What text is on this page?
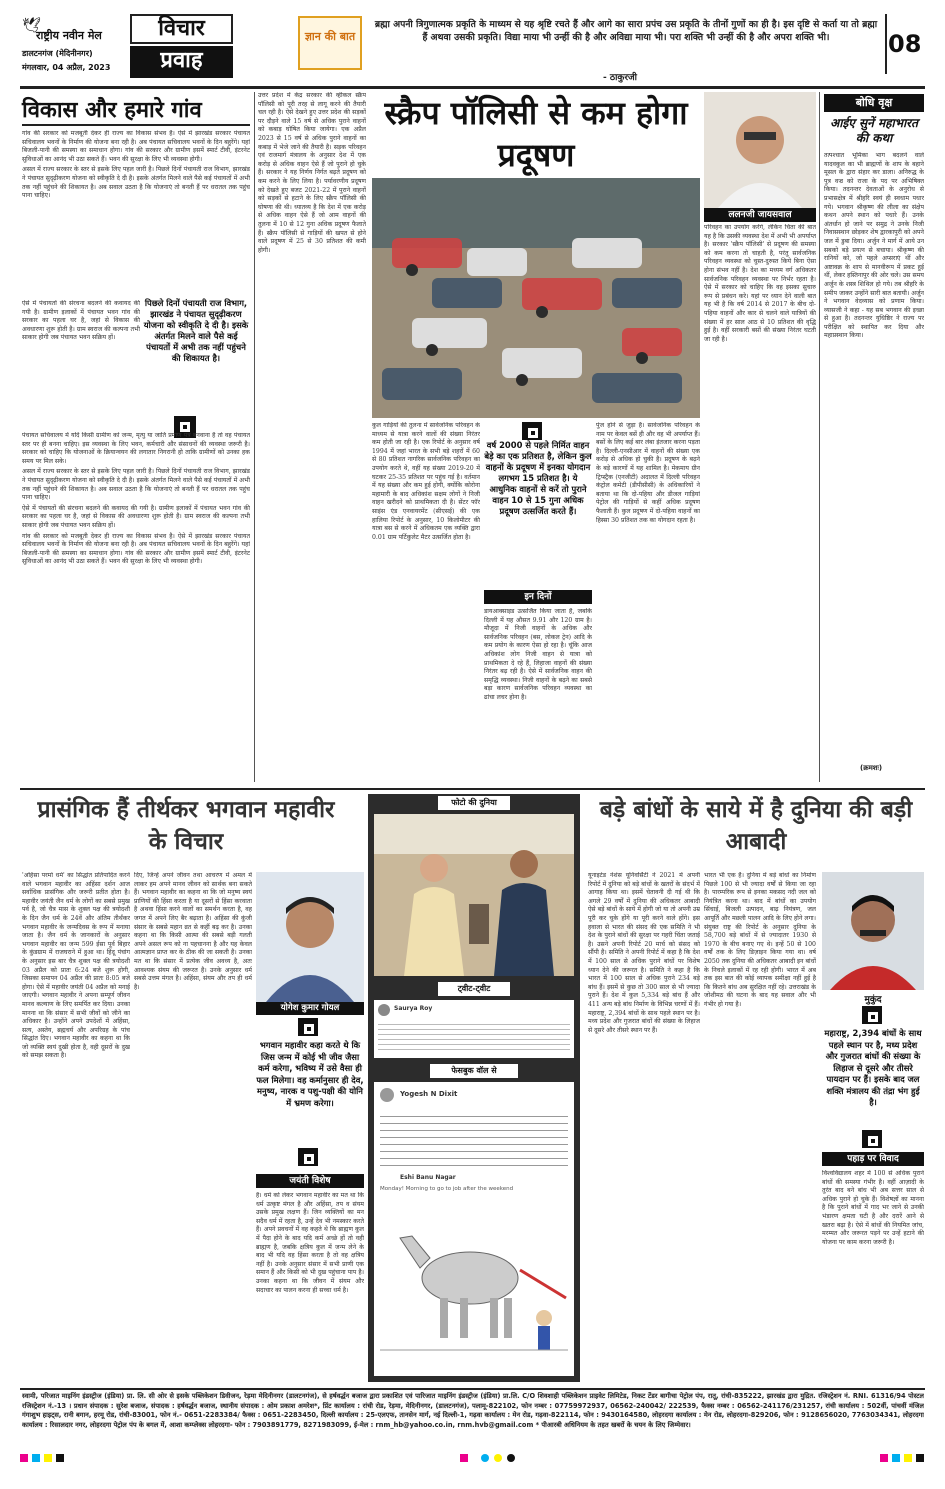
🕊
राष्ट्रीय नवीन मेल
डालटनगंज (मेदिनीनगर)
मंगलवार, 04 अप्रैल, 2023
विचार
प्रवाह
ज्ञान की बात
ब्रह्मा अपनी त्रिगुणात्मक प्रकृति के माध्यम से यह श्रृष्टि रचते हैं और आगे का सारा प्रपंच उस प्रकृति के तीनों गुणों का ही है। इस दृष्टि से कर्ता या तो ब्रह्मा हैं अथवा उसकी प्रकृति। विद्या माया भी उन्हीं की है और अविद्या माया भी। परा शक्ति भी उन्हीं की है और अपरा शक्ति भी।
- ठाकुरजी
08
विकास और हमारे गांव

गांव की सरकार को मजबूती देकर ही राज्य का विकास संभव है। ऐसे में झारखंड सरकार पंचायत सचिवालय भवनों के निर्माण की योजना बना रही है। अब पंचायत सचिवालय भवनों के दिन बहुरेंगे। यहां बिजली-पानी की समस्या का समाधान होगा। गांव की सरकार और ग्रामीण इसमें स्मार्ट टीवी, इंटरनेट सुविधाओं का आनंद भी उठा सकते हैं। भवन की सुरक्षा के लिए भी व्यवस्था होगी।

असल में राज्य सरकार के स्तर से इसके लिए पहल जारी है। पिछले दिनों पंचायती राज विभाग, झारखंड ने पंचायत सुदृढ़ीकरण योजना को स्वीकृति दे दी है। इसके अंतर्गत मिलने वाले पैसे कई पंचायतों में अभी तक नहीं पहुंचने की शिकायत है। अब सवाल उठता है कि योजनाएं तो बनती हैं पर धरातल तक पहुंच पाना चाहिए।

ऐसे में पंचायतों की संरचना बदलने की कवायद की गयी है। ग्रामीण इलाकों में पंचायत भवन गांव की सरकार का पहला घर है, जहां से विकास की अवधारणा शुरू होती है। ग्राम स्वराज की कल्पना तभी साकार होगी जब पंचायत भवन सक्रिय हों।

पिछले दिनों पंचायती राज विभाग, झारखंड ने पंचायत सुदृढ़ीकरण योजना को स्वीकृति दे दी है। इसके अंतर्गत मिलने वाले पैसे कई पंचायतों में अभी तक नहीं पहुंचने की शिकायत है।

पंचायत सचिवालय में यदि किसी ग्रामीण को जन्म, मृत्यु या जाति प्रमाण पत्र बनवाना है तो वह पंचायत स्तर पर ही बनना चाहिए। इस व्यवस्था के लिए भवन, कर्मचारी और संसाधनों की व्यवस्था जरूरी है। सरकार को चाहिए कि योजनाओं के क्रियान्वयन की लगातार निगरानी हो ताकि ग्रामीणों को उनका हक समय पर मिल सके।

असल में राज्य सरकार के स्तर से इसके लिए पहल जारी है। पिछले दिनों पंचायती राज विभाग, झारखंड ने पंचायत सुदृढ़ीकरण योजना को स्वीकृति दे दी है। इसके अंतर्गत मिलने वाले पैसे कई पंचायतों में अभी तक नहीं पहुंचने की शिकायत है। अब सवाल उठता है कि योजनाएं तो बनती हैं पर धरातल तक पहुंच पाना चाहिए।

ऐसे में पंचायतों की संरचना बदलने की कवायद की गयी है। ग्रामीण इलाकों में पंचायत भवन गांव की सरकार का पहला घर है, जहां से विकास की अवधारणा शुरू होती है। ग्राम स्वराज की कल्पना तभी साकार होगी जब पंचायत भवन सक्रिय हों।

गांव की सरकार को मजबूती देकर ही राज्य का विकास संभव है। ऐसे में झारखंड सरकार पंचायत सचिवालय भवनों के निर्माण की योजना बना रही है। अब पंचायत सचिवालय भवनों के दिन बहुरेंगे। यहां बिजली-पानी की समस्या का समाधान होगा। गांव की सरकार और ग्रामीण इसमें स्मार्ट टीवी, इंटरनेट सुविधाओं का आनंद भी उठा सकते हैं। भवन की सुरक्षा के लिए भी व्यवस्था होगी।

उत्तर प्रदेश में केंद्र सरकार की व्हीकल स्क्रैप पॉलिसी को पूरी तरह से लागू करने की तैयारी चल रही है। ऐसे देखने हुए उत्तर प्रदेश की सड़कों पर दौड़ने वाले 15 वर्ष से अधिक पुराने वाहनों को कबाड़ घोषित किया जायेगा। एक अप्रैल 2023 से 15 वर्ष से अधिक पुराने वाहनों का कबाड़ में भेजे जाने की तैयारी है। सड़क परिवहन एवं राजमार्ग मंत्रालय के अनुसार देश में एक करोड़ से अधिक वाहन ऐसे हैं जो पुराने हो चुके हैं। सरकार ने यह निर्णय निर्गत बढ़ते प्रदूषण को कम करने के लिए लिया है। पर्यावरणीय प्रदूषण को देखते हुए बजट 2021-22 में पुराने वाहनों को सड़कों से हटाने के लिए स्क्रैप पॉलिसी की घोषणा की थी। ध्यातव्य है कि देश में एक करोड़ से अधिक वाहन ऐसे हैं जो आम वाहनों की तुलना में 10 से 12 गुना अधिक प्रदूषण फैलाते हैं। स्क्रैप पॉलिसी से गाड़ियों की खपत से होने वाले प्रदूषण में 25 से 30 प्रतिशत की कमी होगी।
स्क्रैप पॉलिसी से कम होगा प्रदूषण
कुल गाड़ियों की तुलना में सार्वजनिक परिवहन के माध्यम से यात्रा करने वालों की संख्या निरंतर कम होती जा रही है। एक रिपोर्ट के अनुसार वर्ष 1994 में जहां भारत के सभी बड़े शहरों में 60 से 80 प्रतिशत नागरिक सार्वजनिक परिवहन का उपयोग करते थे, वहीं यह संख्या 2019-20 में घटकर 25-35 प्रतिशत पर पहुंच गई है। वर्तमान में यह संख्या और कम हुई होगी, क्योंकि कोरोना महामारी के बाद अधिकांश सक्षम लोगों ने निजी वाहन खरीदने को प्राथमिकता दी है। सेंटर फॉर साइंस एंड एनवायरमेंट (सीएसई) की एक हालिया रिपोर्ट के अनुसार, 10 किलोमीटर की यात्रा बस से करने में अधिकतम एक व्यक्ति द्वारा 0.01 ग्राम पर्टिकुलेट मैटर उत्सर्जित होता है।
वर्ष 2000 से पहले निर्मित वाहन बेड़े का एक प्रतिशत है, लेकिन कुल वाहनों के प्रदूषण में इनका योगदान लगभग 15 प्रतिशत है। ये आधुनिक वाहनों से करें तो पुराने वाहन 10 से 15 गुना अधिक प्रदूषण उत्सर्जित करते हैं।
इन दिनों
डायआक्साइड उत्सर्जित किया जाता है, जबकि दिल्ली में यह औसत 9.91 और 120 ग्राम है। मौजूदा में निजी वाहनों के अधिक और सार्वजनिक परिवहन (बस, लोकल ट्रेन) आदि के कम प्रयोग के कारण ऐसा हो रहा है। चूंकि आज अधिकांश लोग निजी वाहन से यात्रा को प्राथमिकता दे रहे हैं, लिहाजा वाहनों की संख्या निरंतर बढ़ रही है। ऐसे में सार्वजनिक वाहन की समृद्धि व्यवस्था। निजी वाहनों के बढ़ने का सबसे बड़ा कारण सार्वजनिक परिवहन व्यवस्था का ढांचा लचर होना है।
पुंज होने से जुड़ा है। सार्वजनिक परिवहन के नाम पर केवल बसें ही और वह भी अपर्याप्त हैं। बसों के लिए कई बार लंबा इंतजार करना पड़ता है। दिल्ली-एनसीआर में वाहनों की संख्या एक करोड़ से अधिक हो चुकी है। प्रदूषण के बढ़ने के बड़े कारणों में यह शामिल है। मेकमाय ग्रीन ट्रिप्स्ट्रैक (एनजीटी) अदालत में दिल्ली परिवहन कंट्रोल कमेटी (डीपीसीसी) के अधिकारियों ने बताया था कि दो-पहिया और डीजल गाड़ियां पेट्रोल की गाड़ियों से कहीं अधिक प्रदूषण फैलाती हैं। कुल प्रदूषण में दो-पहिया वाहनों का हिस्सा 30 प्रतिशत तक का योगदान रहता है।
ललनजी जायसवाल
परिवहन का उपयोग करेंगे, लेकिन चिंता की बात यह है कि उसकी व्यवस्था देश में अभी भी अपर्याप्त है। सरकार 'स्क्रैप पॉलिसी' से प्रदूषण की समस्या को कम करना तो चाहती है, परंतु सार्वजनिक परिवहन व्यवस्था को चुस्त-दुरुस्त किये बिना ऐसा होना संभव नहीं है। देश का मध्यम वर्ग अधिकतर सार्वजनिक परिवहन व्यवस्था पर निर्भर रहता है। ऐसे में सरकार को चाहिए कि वह इसका सुचारु रूप से प्रबंधन करे। यहां पर ध्यान देने वाली बात यह भी है कि वर्ष 2014 से 2017 के बीच दो-पहिया वाहनों और कार से चलने वाले यात्रियों की संख्या में हर साल आठ से 10 प्रतिशत की वृद्धि हुई है। वहीं सरकारी बसों की संख्या निरंतर घटती जा रही है।
बोधि वृक्ष
आईए सुनें महाभारत की कथा
तत्पश्चात भूमिका भाग बदलने वाले यादवकुल का भी ब्राह्मणों के शाप के बहाने मूसल के द्वारा संहार कर डाला। अनिरुद्ध के पुत्र वज्र को राजा के पद पर अभिषिक्त किया। तदनन्तर देवताओं के अनुरोध से प्रभासक्षेत्र में श्रीहरि स्वयं ही स्वधाम पधार गये। भगवान श्रीकृष्ण की लीला का संक्षेप कथन अपने स्थान को पधारे हैं। उनके अंतर्धान हो जाने पर समुद्र ने उनके निजी निवासस्थान छोड़कर शेष द्वारकापुरी को अपने जल में डुबा दिया। अर्जुन ने मार्ग में आये उन सबको बड़े प्रयत्न से बचाया। श्रीकृष्ण की रानियों को, जो पहले अप्सराएं थीं और अष्टावक्र के शाप से मानवीरूप में प्रकट हुई थीं, लेकर हस्तिनापुर की ओर चले। उस समय अर्जुन के शस्त्र शिथिल हो गये। तब श्रीहरि के समीप जाकर उन्होंने सारी बात बतायी। अर्जुन ने भगवान वेदव्यास को प्रणाम किया। व्यासजी ने कहा - यह सब भगवान की इच्छा से हुआ है। तदनन्तर युधिष्ठिर ने राज्य पर परीक्षित को स्थापित कर दिया और महाप्रस्थान किया।
(क्रमशः)
प्रासंगिक हैं तीर्थकर भगवान महावीर के विचार
'अहिंसा परमो धर्म' का सिद्धांत प्रतिपादित करने वाले भगवान महावीर का अहिंसा दर्शन आज सर्वाधिक प्रासंगिक और जरूरी प्रतीत होता है। महावीर जयंती जैन धर्म के लोगों का सबसे प्रमुख पर्व है, जो चैत्र मास के शुक्ल पक्ष की त्रयोदशी के दिन जैन धर्म के 24वें और अंतिम तीर्थंकर भगवान महावीर के जन्मदिवस के रूप में मनाया जाता है। जैन धर्म के जानकारों के अनुसार भगवान महावीर का जन्म 599 ईसा पूर्व बिहार के कुंडग्राम में राजघराने में हुआ था। हिंदू पंचांग के अनुसार इस बार चैत्र शुक्ल पक्ष की त्रयोदशी 03 अप्रैल को प्रातः 6:24 बजे शुरू होगी, जिसका समापन 04 अप्रैल की प्रातः 8:05 बजे होगा। ऐसे में महावीर जयंती 04 अप्रैल को मनाई जाएगी। भगवान महावीर ने अपना सम्पूर्ण जीवन मानव कल्याण के लिए समर्पित कर दिया। उनका मानना था कि संसार में सभी जीवों को जीने का अधिकार है। उन्होंने अपने उपदेशों में अहिंसा, सत्य, अस्तेय, ब्रह्मचर्य और अपरिग्रह के पांच सिद्धांत दिए। भगवान महावीर का कहना था कि जो व्यक्ति स्वयं दुखी होता है, वही दूसरों के दुख को समझ सकता है।
दिए, जिन्हें अपने जीवन तथा आचरण में अमल में लाकर हम अपने मानव जीवन को सार्थक बना सकते हैं। भगवान महावीर का कहना था कि जो मनुष्य स्वयं प्राणियों की हिंसा करता है या दूसरों से हिंसा करवाता है अथवा हिंसा करने वालों का समर्थन करता है, वह जगत में अपने लिए बैर बढ़ाता है। अहिंसा की कुंजी संसार के सबसे महान व्रत से कहीं बढ़ कर है। उनका कहना था कि किसी आत्मा की सबसे बड़ी गलती अपने असल रूप को ना पहचानना है और यह केवल आत्मज्ञान प्राप्त कर के ठीक की जा सकती है। उनका मत था कि संसार में प्रत्येक जीव अवध्य है, अतः आवश्यक संयम की जरूरत है। उनके अनुसार धर्म सबसे उत्तम मंगल है। अहिंसा, संयम और तप ही धर्म है।
योगेश कुमार गोयल
भगवान महावीर कहा करते थे कि जिस जन्म में कोई भी जीव जैसा कर्म करेगा, भविष्य में उसे वैसा ही फल मिलेगा। वह कर्मानुसार ही देव, मनुष्य, नारक व पशु-पक्षी की योनि में भ्रमण करेगा।
जयंती विशेष
है। धर्म को लेकर भगवान महावीर का मत था कि धर्म उत्कृष्ट मंगल है और अहिंसा, तप व संयम उसके प्रमुख लक्षण हैं। जिन व्यक्तियों का मन सदैव धर्म में रहता है, उन्हें देव भी नमस्कार करते हैं। अपने प्रवचनों में वह कहते थे कि ब्राह्मण कुल में पैदा होने के बाद यदि कर्म अच्छे हों तो वही ब्राह्मण है, जबकि क्षत्रिय कुल में जन्म लेने के बाद भी यदि वह हिंसा करता है तो वह क्षत्रिय नहीं है। उनके अनुसार संसार में सभी प्राणी एक समान हैं और किसी को भी दुख पहुंचाना पाप है। उनका कहना था कि जीवन में संयम और सदाचार का पालन करना ही सच्चा धर्म है।
फोटो की दुनिया
ट्वीट-ट्वीट
Saurya Roy
फेसबुक वॉल से
Yogesh N Dixit
Eshi Banu Nagar
Monday! Morning to go to job after the weekend
बड़े बांधों के साये में है दुनिया की बड़ी आबादी
यूनाइटेड नेशंस यूनिवर्सिटी ने 2021 में अपनी रिपोर्ट में दुनिया को बड़े बांधों के खतरों के संदर्भ में आगाह किया था। इसमें चेतावनी दी गई थी कि अगले 29 वर्षों में दुनिया की अधिकतर आबादी ऐसे बड़े बांधों के साये में होगी जो या तो अपनी उम्र पूरी कर चुके होंगे या पूरी करने वाले होंगे। इस हवाला से भारत की संसद की एक समिति ने भी देश के पुराने बांधों की सुरक्षा पर गहरी चिंता जताई है। उसने अपनी रिपोर्ट 20 मार्च को संसद को सौंपी है। समिति ने अपनी रिपोर्ट में कहा है कि देश में 100 साल से अधिक पुराने बांधों पर विशेष ध्यान देने की जरूरत है। समिति ने कहा है कि भारत में 100 साल से अधिक पुराने 234 बड़े बांध हैं। इसमें से कुछ तो 300 साल से भी ज्यादा पुराने हैं। देश में कुल 5,334 बड़े बांध हैं और 411 अन्य बड़े बांध निर्माण के विभिन्न चरणों में हैं। महाराष्ट्र, 2,394 बांधों के साथ पहले स्थान पर है। मध्य प्रदेश और गुजरात बांधों की संख्या के लिहाज से दूसरे और तीसरे स्थान पर हैं।
भारत भी एक है। दुनिया में बड़े बांधों का निर्माण पिछले 100 से भी ज्यादा वर्षों से किया जा रहा है। पारम्परिक रूप से इनका मकसद नदी जल को नियंत्रित करना था। बाद में बांधों का उपयोग सिंचाई, बिजली उत्पादन, बाढ़ नियंत्रण, जल आपूर्ति और मछली पालन आदि के लिए होने लगा। संयुक्त राष्ट्र की रिपोर्ट के अनुसार दुनिया के 58,700 बड़े बांधों में से ज्यादातर 1930 से 1970 के बीच बनाए गए थे। इन्हें 50 से 100 वर्षों तक के लिए डिज़ाइन किया गया था। वर्ष 2050 तक दुनिया की अधिकतर आबादी इन बांधों के निचले इलाकों में रह रही होगी। भारत में अब तक इस बात की कोई व्यापक समीक्षा नहीं हुई है कि कितने बांध अब सुरक्षित नहीं रहे। उत्तराखंड के जोशीमठ की घटना के बाद यह सवाल और भी गंभीर हो गया है।	मुकुंद
महाराष्ट्र, 2,394 बांधों के साथ पहले स्थान पर है, मध्य प्रदेश और गुजरात बांधों की संख्या के लिहाज से दूसरे और तीसरे पायदान पर हैं। इसके बाद जल शक्ति मंत्रालय की तंद्रा भंग हुई है।
पहाड़ पर विवाद
विश्वविद्यालय शहर में 100 से अधिक पुराने बांधों की समस्या गंभीर है। वहीं आज़ादी के तुरंत बाद बने बांध भी अब सत्तर साल से अधिक पुराने हो चुके हैं। विशेषज्ञों का मानना है कि पुराने बांधों में गाद भर जाने से उनकी भंडारण क्षमता घटी है और दरारें आने से खतरा बढ़ा है। ऐसे में बांधों की नियमित जांच, मरम्मत और जरूरत पड़ने पर उन्हें हटाने की योजना पर काम करना जरूरी है।
स्वामी, परिजात माइनिंग इंडस्ट्रीज (इंडिया) प्रा. लि. सी ओर से इसके पब्लिकेशन डिवीजन, रेड़मा मेदिनीनगर (डालटनगंज), से हर्षवर्द्धन बजाज द्वारा प्रकाशित एवं पारिजात माइनिंग इंडस्ट्रीज (इंडिया) प्रा.लि. C/O शिवशाही पब्लिकेशन प्राइवेट लिमिटेड, निकट टेंडर बागीचा पेट्रोल पंप, रातू, रांची-835222, झारखंड द्वारा मुद्रित. रजिस्ट्रेशन नं. RNI. 61316/94 पोस्टल रजिस्ट्रेशन नं.-13 । प्रधान संपादक : सुरेश बजाज, संपादक : हर्षवर्द्धन बजाज, स्थानीय संपादक : ओम प्रकाश अमरेश*, प्रिंट कार्यालय : रांची रोड, रेड़मा, मेदिनीनगर, (डालटनगंज), पलामू-822102, फोन नम्बर : 07759972937, 06562-240042/ 222539, फैक्स नम्बर : 06562-241176/231257, रांची कार्यालय : 502वीं, पांचवीं मंजिल गंगाशुभ हाइट्स, रानी बगान, हरमू रोड, रांची-83001, फोन नं.- 0651-2283384/ फैक्स : 0651-2283450, दिल्ली कार्यालय : 25-एलएफ, तानसेन मार्ग, नई दिल्ली-1, गढ़वा कार्यालय : मेन रोड, गढ़वा-822114, फोन : 9430164580, लोहरदगा कार्यालय : मेन रोड, लोहरदगा-829206, फोन : 9128656020, 7763034341, लोहरदगा कार्यालय : रिसालदार नगर, लोहरदगा पेट्रोल पंप के बगल में, आशा कम्प्लेक्स लोहरदगा- फोन : 7903891779, 8271983099, ई-मेल : rnm_hb@yahoo.co.in, rnm.hvb@gmail.com * पीआरबी अधिनियम के तहत खबरों के चयन के लिए जिम्मेवार।
